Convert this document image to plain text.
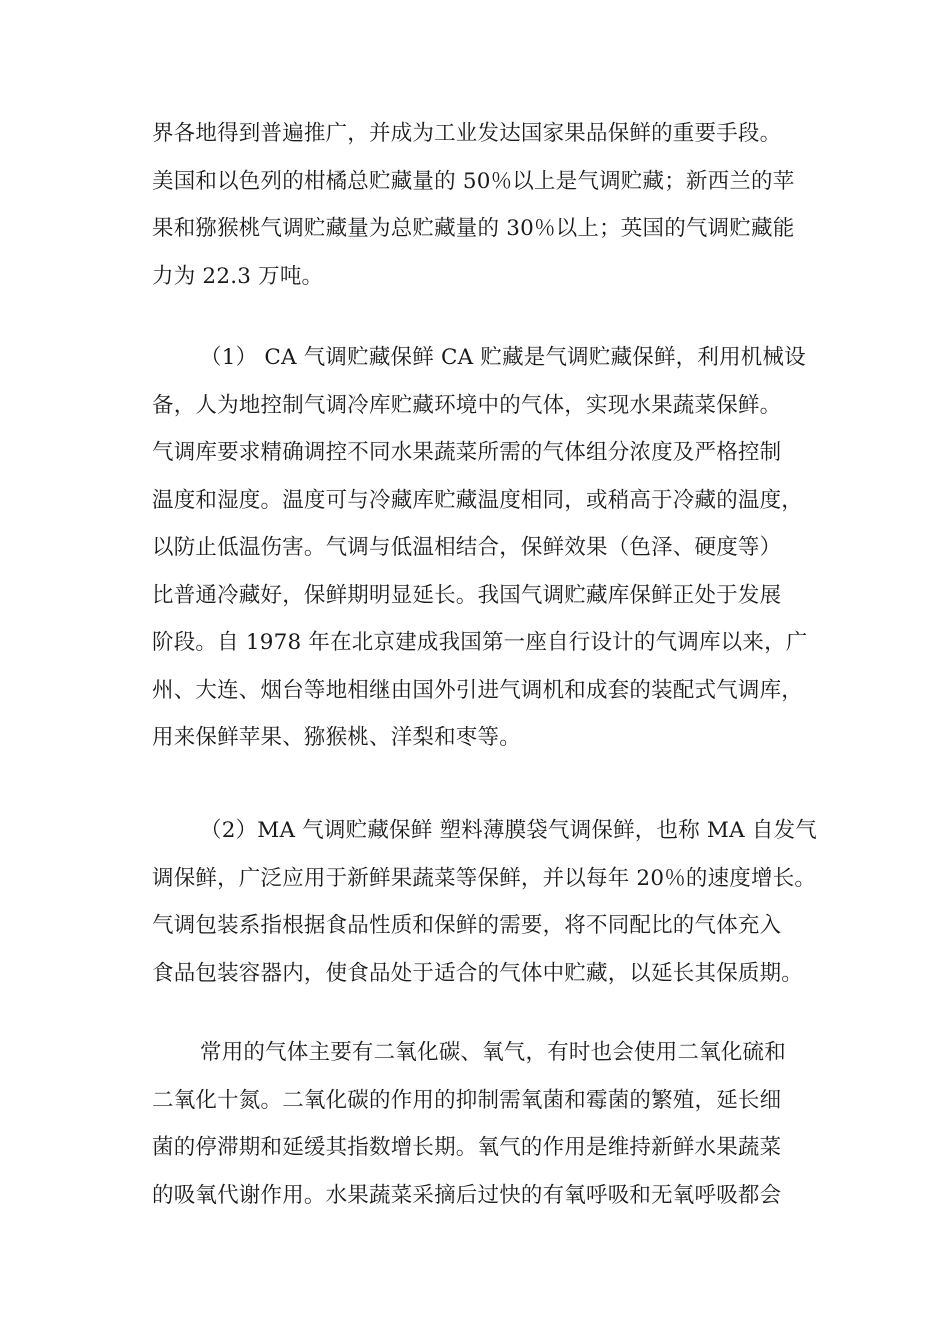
界各地得到普遍推广，并成为工业发达国家果品保鲜的重要手段。
美国和以色列的柑橘总贮藏量的 50％以上是气调贮藏；新西兰的苹
果和猕猴桃气调贮藏量为总贮藏量的 30％以上；英国的气调贮藏能
力为 22.3 万吨。

（1） CA 气调贮藏保鲜 CA 贮藏是气调贮藏保鲜，利用机械设
备，人为地控制气调冷库贮藏环境中的气体，实现水果蔬菜保鲜。
气调库要求精确调控不同水果蔬菜所需的气体组分浓度及严格控制
温度和湿度。温度可与冷藏库贮藏温度相同，或稍高于冷藏的温度，
以防止低温伤害。气调与低温相结合，保鲜效果（色泽、硬度等）
比普通冷藏好，保鲜期明显延长。我国气调贮藏库保鲜正处于发展
阶段。自 1978 年在北京建成我国第一座自行设计的气调库以来，广
州、大连、烟台等地相继由国外引进气调机和成套的装配式气调库，
用来保鲜苹果、猕猴桃、洋梨和枣等。

（2）MA 气调贮藏保鲜 塑料薄膜袋气调保鲜，也称 MA 自发气
调保鲜，广泛应用于新鲜果蔬菜等保鲜，并以每年 20％的速度增长。
气调包装系指根据食品性质和保鲜的需要，将不同配比的气体充入
食品包装容器内，使食品处于适合的气体中贮藏，以延长其保质期。

常用的气体主要有二氧化碳、氧气，有时也会使用二氧化硫和
二氧化十氮。二氧化碳的作用的抑制需氧菌和霉菌的繁殖，延长细
菌的停滞期和延缓其指数增长期。氧气的作用是维持新鲜水果蔬菜
的吸氧代谢作用。水果蔬菜采摘后过快的有氧呼吸和无氧呼吸都会
